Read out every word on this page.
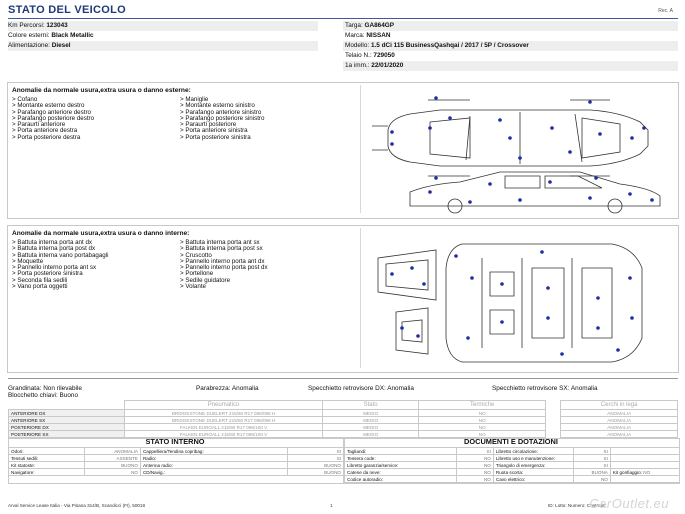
STATO DEL VEICOLO	Rec. A
Km Percorsi: 123043
Colore esterni: Black Metallic
Alimentazione: Diesel
Targa: GA864GP
Marca: NISSAN
Modello: 1.5 dCi 115 BusinessQashqai / 2017 / 5P / Crossover
Telaio N.: 729050
1a imm.: 22/01/2020
Anomalie da normale usura,extra usura o danno esterne:
> Cofano
> Montante esterno destro
> Parafango anteriore destro
> Parafango posteriore destro
> Paraurti anteriore
> Porta anteriore destra
> Porta posteriore destra
> Maniglie
> Montante esterno sinistro
> Parafango anteriore sinistro
> Parafango posteriore sinistro
> Paraurti posteriore
> Porta anteriore sinistra
> Porta posteriore sinistra
Anomalie da normale usura,extra usura o danno interne:
> Battuta interna porta ant dx
> Battuta interna porta post dx
> Battuta interna vano portabagagli
> Moquette
> Pannello interno porta ant sx
> Porta posteriore sinistra
> Seconda fila sedili
> Vano porta oggetti
> Battuta interna porta ant sx
> Battuta interna porta post sx
> Cruscotto
> Pannello interno porta ant dx
> Pannello interno porta post dx
> Portellone
> Sedile guidatore
> Volante
Grandinata: Non rilevabile	Parabrezza: Anomalia	Specchietto retrovisore DX: Anomalia	Specchietto retrovisore SX: Anomalia
Blocchetto chiavi: Buono
	Pneumatico	Stato	Termiche		Cerchi in lega
ANTERIORE DX	BRIDGESTONE DUELERT 215/60 R17 096/096 H	MEDIO	NO		ANOMALIA
ANTERIORE SX	BRIDGESTONE DUELERT 215/60 R17 096/096 H	MEDIO	NO		ANOMALIA
POSTERIORE DX	FALKEN EUROALL 215/60 R17 096/100 V	MEDIO	NO		ANOMALIA
POSTERIORE SX	FALKEN EUROALL 215/60 R17 096/100 V	MEDIO	NO		ANOMALIA
STATO INTERNO
Odori:	ANOMALIA	Cappelliera/Tendina copribag:	SI
Tessuti sedili:	ASSENTE	Radio:	SI
Kit statoste:	BUONO	Antenna radio:	BUONO
Navigatore:	NO	CD/Navig.:	BUONO
DOCUMENTI E DOTAZIONI
Tagliandi:	SI	Libretto circolazione:	SI	
Tessera code:	NO	Libretto uso e manutenzione:	SI	
Libretto garanzia/service:	NO	Triangolo di emergenza:	SI	
Catene da neve:	NO	Ruota scorta:	BUONA	Kit gonfiaggio: NO
Codice autoradio:	NO	Cavo elettrico:	NO	
Arval Service Lease Italia - Via Pisana 314/B, Scandicci (FI), 50018	1	ID: Lotto: Numero: Controllo:
CarOutlet.eu
